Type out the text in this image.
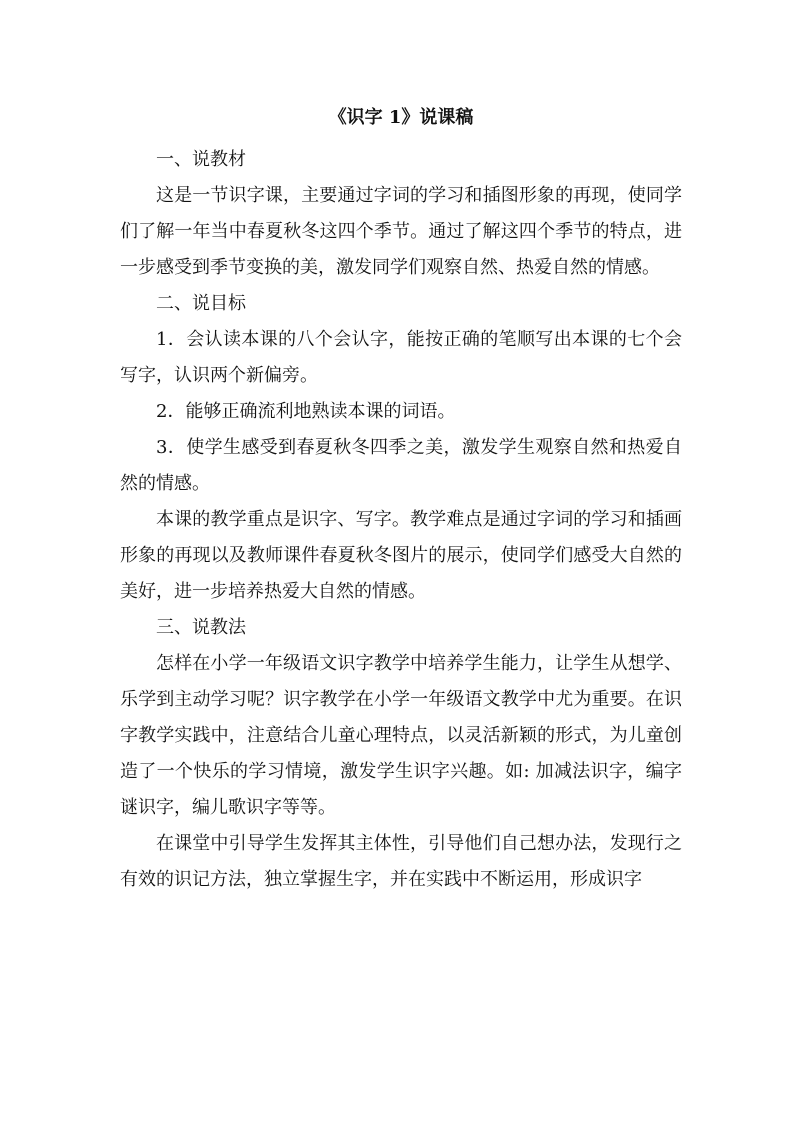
《识字 1》说课稿

一、说教材

这是一节识字课，主要通过字词的学习和插图形象的再现，使同学们了解一年当中春夏秋冬这四个季节。通过了解这四个季节的特点，进一步感受到季节变换的美，激发同学们观察自然、热爱自然的情感。

二、说目标

1．会认读本课的八个会认字，能按正确的笔顺写出本课的七个会写字，认识两个新偏旁。

2．能够正确流利地熟读本课的词语。

3．使学生感受到春夏秋冬四季之美，激发学生观察自然和热爱自然的情感。

本课的教学重点是识字、写字。教学难点是通过字词的学习和插画形象的再现以及教师课件春夏秋冬图片的展示，使同学们感受大自然的美好，进一步培养热爱大自然的情感。

三、说教法

怎样在小学一年级语文识字教学中培养学生能力，让学生从想学、乐学到主动学习呢？识字教学在小学一年级语文教学中尤为重要。在识字教学实践中，注意结合儿童心理特点，以灵活新颖的形式，为儿童创造了一个快乐的学习情境，激发学生识字兴趣。如: 加减法识字，编字谜识字，编儿歌识字等等。

在课堂中引导学生发挥其主体性，引导他们自己想办法，发现行之有效的识记方法，独立掌握生字，并在实践中不断运用，形成识字
